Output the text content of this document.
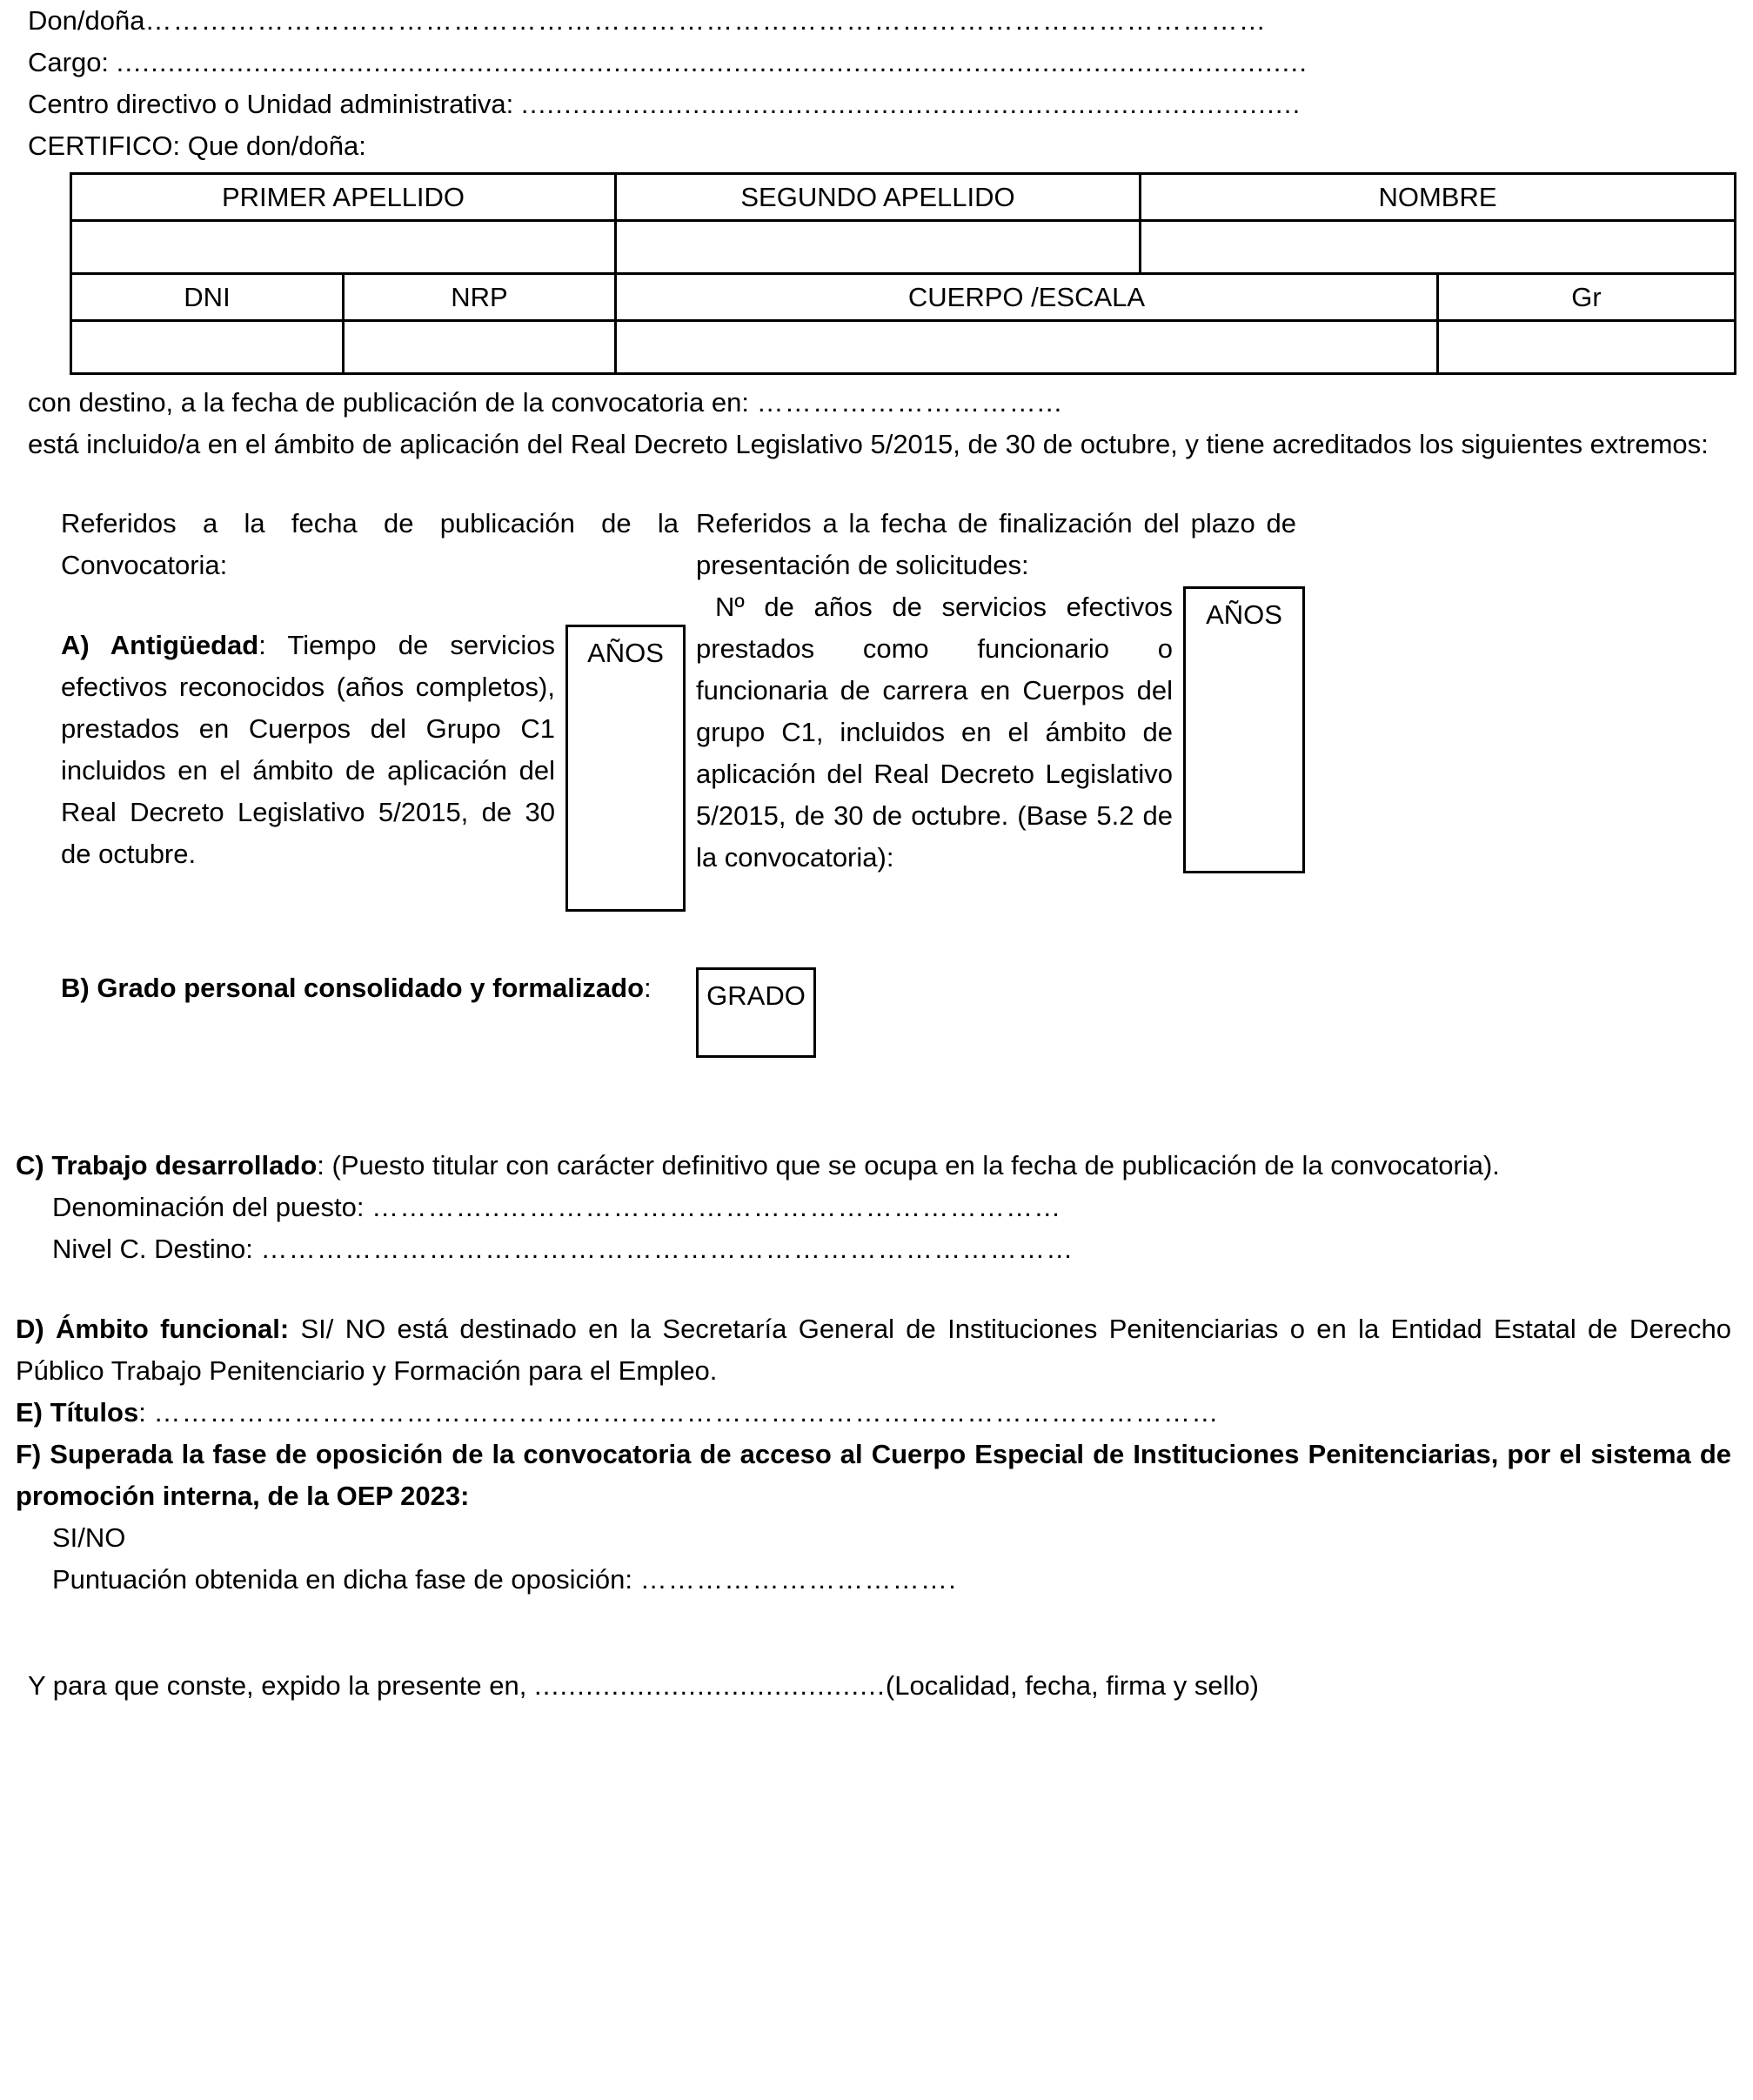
Don/doña…………………………………………………………………………………………………………
Cargo: ...........................................................................................................................................
Centro directivo o Unidad administrativa: ...........................................................................................
CERTIFICO: Que don/doña:
PRIMER APELLIDO		SEGUNDO APELLIDO	NOMBRE	

DNI	NRP	CUERPO /ESCALA		Gr

con destino, a la fecha de publicación de la convocatoria en: …………………………...
está incluido/a en el ámbito de aplicación del Real Decreto Legislativo 5/2015, de 30 de octubre, y tiene acreditados los siguientes extremos:
Referidos a la fecha de publicación de la Convocatoria:
A) Antigüedad: Tiempo de servicios efectivos reconocidos (años completos), prestados en Cuerpos del Grupo C1 incluidos en el ámbito de aplicación del Real Decreto Legislativo 5/2015, de 30 de octubre.
AÑOS
Referidos a la fecha de finalización del plazo de presentación de solicitudes:
Nº de años de servicios efectivos prestados como funcionario o funcionaria de carrera en Cuerpos del grupo C1, incluidos en el ámbito de aplicación del Real Decreto Legislativo 5/2015, de 30 de octubre. (Base 5.2 de la convocatoria):
AÑOS
B) Grado personal consolidado y formalizado:	GRADO

C) Trabajo desarrollado: (Puesto titular con carácter definitivo que se ocupa en la fecha de publicación de la convocatoria).

Denominación del puesto: …………..……………………………………………………
Nivel C. Destino: ……………………………………………………………………………

D) Ámbito funcional: SI/ NO está destinado en la Secretaría General de Instituciones Penitenciarias o en la Entidad Estatal de Derecho Público Trabajo Penitenciario y Formación para el Empleo.

E) Títulos: ……………………………………………………………………………………………………

F) Superada la fase de oposición de la convocatoria de acceso al Cuerpo Especial de Instituciones Penitenciarias, por el sistema de promoción interna, de la OEP 2023:

SI/NO
Puntuación obtenida en dicha fase de oposición: …………………………….
Y para que conste, expido la presente en, .........................................(Localidad, fecha, firma y sello)
